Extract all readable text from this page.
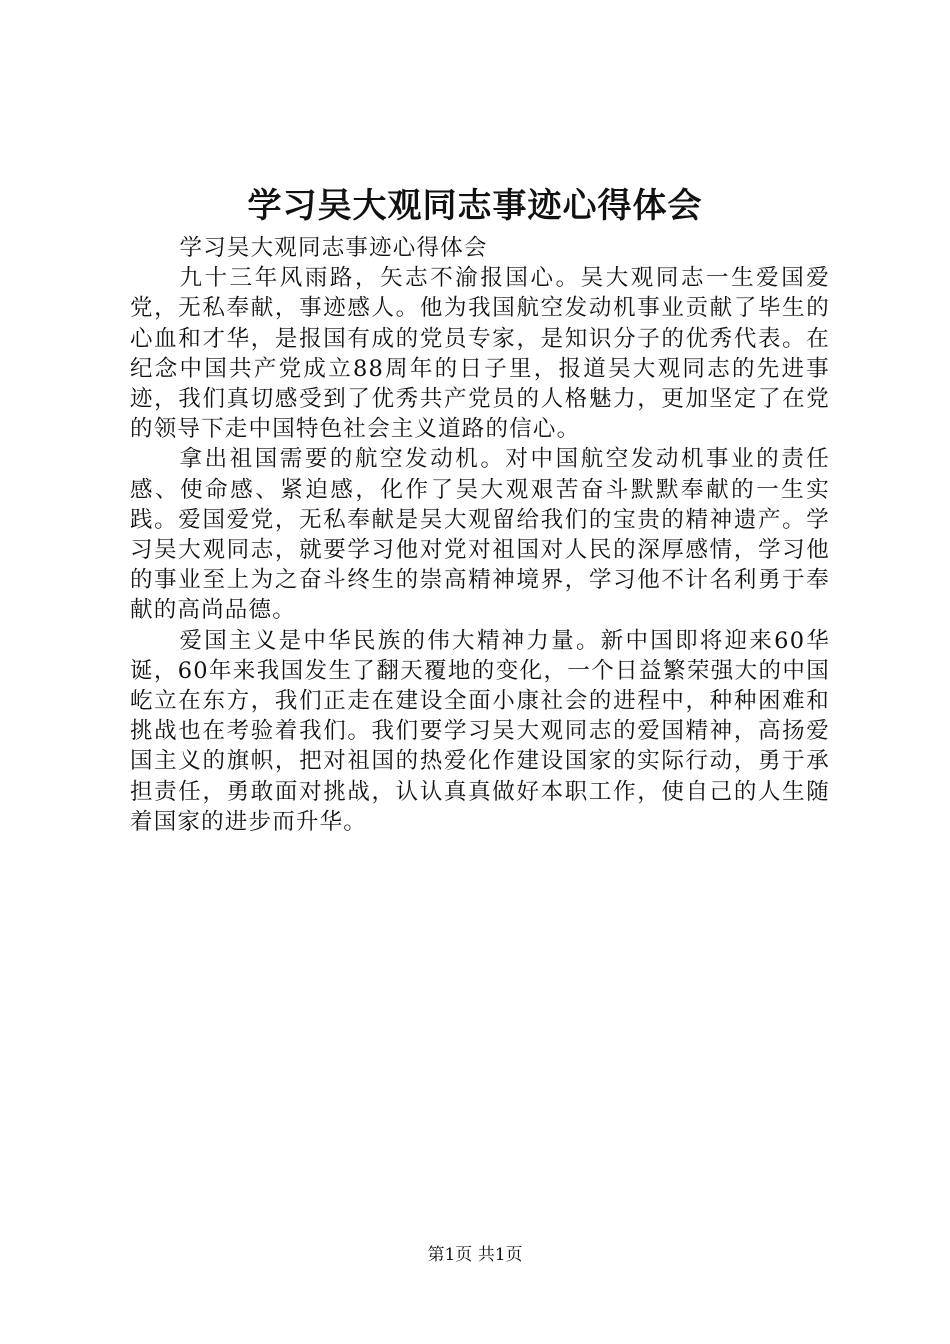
学习吴大观同志事迹心得体会

学习吴大观同志事迹心得体会

九十三年风雨路，矢志不渝报国心。吴大观同志一生爱国爱党，无私奉献，事迹感人。他为我国航空发动机事业贡献了毕生的心血和才华，是报国有成的党员专家，是知识分子的优秀代表。在纪念中国共产党成立88周年的日子里，报道吴大观同志的先进事迹，我们真切感受到了优秀共产党员的人格魅力，更加坚定了在党的领导下走中国特色社会主义道路的信心。

拿出祖国需要的航空发动机。对中国航空发动机事业的责任感、使命感、紧迫感，化作了吴大观艰苦奋斗默默奉献的一生实践。爱国爱党，无私奉献是吴大观留给我们的宝贵的精神遗产。学习吴大观同志，就要学习他对党对祖国对人民的深厚感情，学习他的事业至上为之奋斗终生的崇高精神境界，学习他不计名利勇于奉献的高尚品德。

爱国主义是中华民族的伟大精神力量。新中国即将迎来60华诞，60年来我国发生了翻天覆地的变化，一个日益繁荣强大的中国屹立在东方，我们正走在建设全面小康社会的进程中，种种困难和挑战也在考验着我们。我们要学习吴大观同志的爱国精神，高扬爱国主义的旗帜，把对祖国的热爱化作建设国家的实际行动，勇于承担责任，勇敢面对挑战，认认真真做好本职工作，使自己的人生随着国家的进步而升华。

第1页 共1页
